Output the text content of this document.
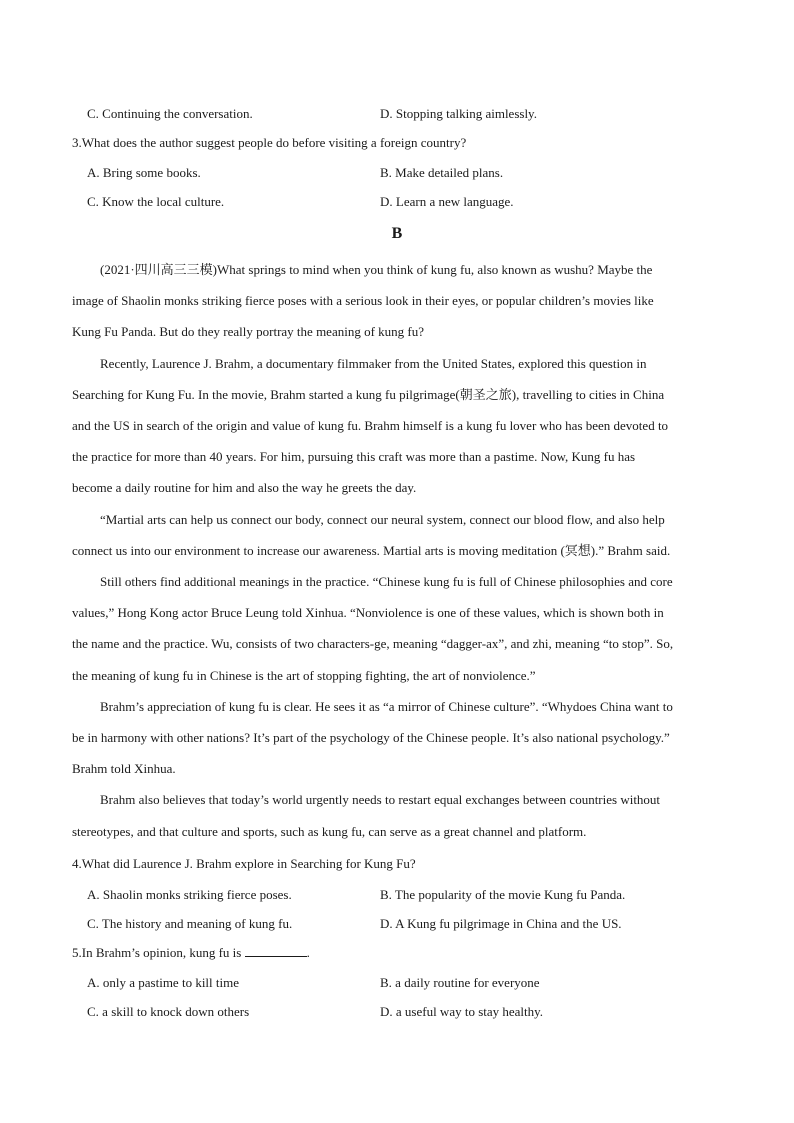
C. Continuing the conversation.	D. Stopping talking aimlessly.
3.What does the author suggest people do before visiting a foreign country?
A. Bring some books.	B. Make detailed plans.
C. Know the local culture.	D. Learn a new language.
B
(2021·四川高三三模)What springs to mind when you think of kung fu, also known as wushu? Maybe the
image of Shaolin monks striking fierce poses with a serious look in their eyes, or popular children’s movies like
Kung Fu Panda. But do they really portray the meaning of kung fu?
Recently, Laurence J. Brahm, a documentary filmmaker from the United States, explored this question in
Searching for Kung Fu. In the movie, Brahm started a kung fu pilgrimage(朝圣之旅), travelling to cities in China
and the US in search of the origin and value of kung fu. Brahm himself is a kung fu lover who has been devoted to
the practice for more than 40 years. For him, pursuing this craft was more than a pastime. Now, Kung fu has
become a daily routine for him and also the way he greets the day.
“Martial arts can help us connect our body, connect our neural system, connect our blood flow, and also help
connect us into our environment to increase our awareness. Martial arts is moving meditation (冥想).” Brahm said.
Still others find additional meanings in the practice. “Chinese kung fu is full of Chinese philosophies and core
values,” Hong Kong actor Bruce Leung told Xinhua. “Nonviolence is one of these values, which is shown both in
the name and the practice. Wu, consists of two characters-ge, meaning “dagger-ax”, and zhi, meaning “to stop”. So,
the meaning of kung fu in Chinese is the art of stopping fighting, the art of nonviolence.”
Brahm’s appreciation of kung fu is clear. He sees it as “a mirror of Chinese culture”. “Whydoes China want to
be in harmony with other nations? It’s part of the psychology of the Chinese people. It’s also national psychology.”
Brahm told Xinhua.
Brahm also believes that today’s world urgently needs to restart equal exchanges between countries without
stereotypes, and that culture and sports, such as kung fu, can serve as a great channel and platform.
4.What did Laurence J. Brahm explore in Searching for Kung Fu?
A. Shaolin monks striking fierce poses.	B. The popularity of the movie Kung fu Panda.
C. The history and meaning of kung fu.	D. A Kung fu pilgrimage in China and the US.
5.In Brahm’s opinion, kung fu is	.
A. only a pastime to kill time	B. a daily routine for everyone
C. a skill to knock down others	D. a useful way to stay healthy.
